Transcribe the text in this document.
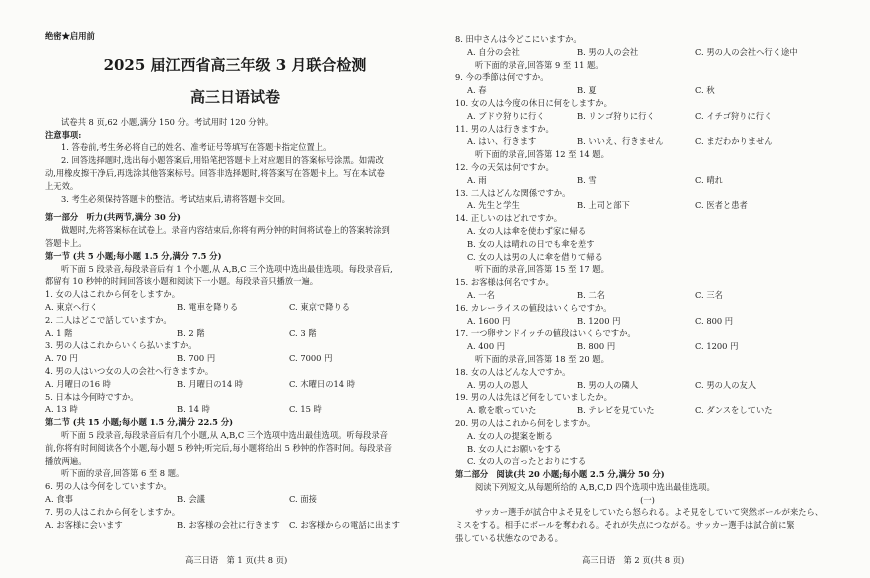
绝密★启用前
2025 届江西省高三年级 3 月联合检测
高三日语试卷
试卷共 8 页,62 小题,满分 150 分。考试用时 120 分钟。
注意事项:
1. 答卷前,考生务必将自己的姓名、准考证号等填写在答题卡指定位置上。
2. 回答选择题时,选出每小题答案后,用铅笔把答题卡上对应题目的答案标号涂黑。如需改
动,用橡皮擦干净后,再选涂其他答案标号。回答非选择题时,将答案写在答题卡上。写在本试卷
上无效。
3. 考生必须保持答题卡的整洁。考试结束后,请将答题卡交回。
第一部分　听力(共两节,满分 30 分)
做题时,先将答案标在试卷上。录音内容结束后,你将有两分钟的时间将试卷上的答案转涂到
答题卡上。
第一节 (共 5 小题;每小题 1.5 分,满分 7.5 分)
听下面 5 段录音,每段录音后有 1 个小题,从 A,B,C 三个选项中选出最佳选项。每段录音后,
都留有 10 秒钟的时间回答该小题和阅读下一小题。每段录音只播放一遍。
1. 女の人はこれから何をしますか。
A. 東京へ行く	B. 電車を降りる	C. 東京で降りる
2. 二人はどこで話していますか。
A. 1 階	B. 2 階	C. 3 階
3. 男の人はこれからいくら払いますか。
A. 70 円	B. 700 円	C. 7000 円
4. 男の人はいつ女の人の会社へ行きますか。
A. 月曜日の16 時	B. 月曜日の14 時	C. 木曜日の14 時
5. 日本は今何時ですか。
A. 13 時	B. 14 時	C. 15 時
第二节 (共 15 小题;每小题 1.5 分,满分 22.5 分)
听下面 5 段录音,每段录音后有几个小题,从 A,B,C 三个选项中选出最佳选项。听每段录音
前,你将有时间阅读各个小题,每小题 5 秒钟;听完后,每小题将给出 5 秒钟的作答时间。每段录音
播放两遍。
听下面的录音,回答第 6 至 8 题。
6. 男の人は今何をしていますか。
A. 食事	B. 会議	C. 面接
7. 男の人はこれから何をしますか。
A. お客様に会います	B. お客様の会社に行きます C. お客様からの電話に出ます
高三日语　第 1 页(共 8 页)
8. 田中さんは今どこにいますか。
A. 自分の会社	B. 男の人の会社	C. 男の人の会社へ行く途中
听下面的录音,回答第 9 至 11 题。
9. 今の季節は何ですか。
A. 春	B. 夏	C. 秋
10. 女の人は今度の休日に何をしますか。
A. ブドウ狩りに行く	B. リンゴ狩りに行く	C. イチゴ狩りに行く
11. 男の人は行きますか。
A. はい、行きます	B. いいえ、行きません	C. まだわかりません
听下面的录音,回答第 12 至 14 题。
12. 今の天気は何ですか。
A. 雨	B. 雪	C. 晴れ
13. 二人はどんな関係ですか。
A. 先生と学生	B. 上司と部下	C. 医者と患者
14. 正しいのはどれですか。
A. 女の人は傘を使わず家に帰る
B. 女の人は晴れの日でも傘を差す
C. 女の人は男の人に傘を借りて帰る
听下面的录音,回答第 15 至 17 题。
15. お客様は何名ですか。
A. 一名	B. 二名	C. 三名
16. カレーライスの値段はいくらですか。
A. 1600 円	B. 1200 円	C. 800 円
17. 一つ卵サンドイッチの値段はいくらですか。
A. 400 円	B. 800 円	C. 1200 円
听下面的录音,回答第 18 至 20 题。
18. 女の人はどんな人ですか。
A. 男の人の恩人	B. 男の人の隣人	C. 男の人の友人
19. 男の人は先ほど何をしていましたか。
A. 歌を歌っていた	B. テレビを見ていた	C. ダンスをしていた
20. 男の人はこれから何をしますか。
A. 女の人の提案を断る
B. 女の人にお願いをする
C. 女の人の言ったとおりにする
第二部分　阅读(共 20 小题;每小题 2.5 分,满分 50 分)
阅读下列短文,从每题所给的 A,B,C,D 四个选项中选出最佳选项。
(一)
サッカー選手が試合中よそ見をしていたら怒られる。よそ見をしていて突然ボールが来たら、
ミスをする。相手にボールを奪われる。それが失点につながる。サッカー選手は試合前に緊
張している状態なのである。
高三日语　第 2 页(共 8 页)
